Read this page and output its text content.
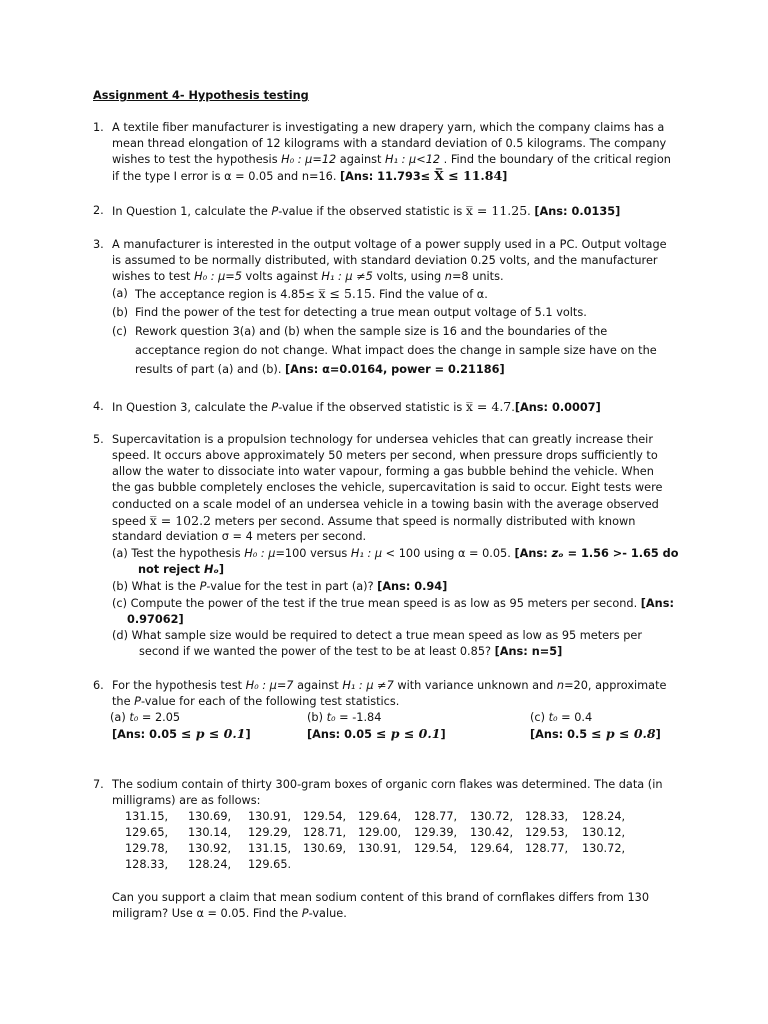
Assignment 4- Hypothesis testing
1. A textile fiber manufacturer is investigating a new drapery yarn, which the company claims has a
mean thread elongation of 12 kilograms with a standard deviation of 0.5 kilograms. The company
wishes to test the hypothesis H₀ : μ=12 against H₁ : μ<12 . Find the boundary of the critical region
if the type I error is α = 0.05 and n=16. [Ans: 11.793≤ X̅ ≤ 11.84]
2. In Question 1, calculate the P-value if the observed statistic is x̅ = 11.25. [Ans: 0.0135]
3. A manufacturer is interested in the output voltage of a power supply used in a PC. Output voltage
is assumed to be normally distributed, with standard deviation 0.25 volts, and the manufacturer
wishes to test H₀ : μ=5 volts against H₁ : μ ≠5 volts, using n=8 units.
(a) The acceptance region is 4.85≤ x̅ ≤ 5.15. Find the value of α.
(b) Find the power of the test for detecting a true mean output voltage of 5.1 volts.
(c) Rework question 3(a) and (b) when the sample size is 16 and the boundaries of the
acceptance region do not change. What impact does the change in sample size have on the
results of part (a) and (b). [Ans: α=0.0164, power = 0.21186]
4. In Question 3, calculate the P-value if the observed statistic is x̅ = 4.7.[Ans: 0.0007]
5. Supercavitation is a propulsion technology for undersea vehicles that can greatly increase their
speed. It occurs above approximately 50 meters per second, when pressure drops sufficiently to
allow the water to dissociate into water vapour, forming a gas bubble behind the vehicle. When
the gas bubble completely encloses the vehicle, supercavitation is said to occur. Eight tests were
conducted on a scale model of an undersea vehicle in a towing basin with the average observed
speed x̅ = 102.2 meters per second. Assume that speed is normally distributed with known
standard deviation σ = 4 meters per second.
(a) Test the hypothesis H₀ : μ=100 versus H₁ : μ < 100 using α = 0.05. [Ans: zₒ = 1.56 >- 1.65 do
not reject Hₒ]
(b) What is the P-value for the test in part (a)? [Ans: 0.94]
(c) Compute the power of the test if the true mean speed is as low as 95 meters per second. [Ans:
0.97062]
(d) What sample size would be required to detect a true mean speed as low as 95 meters per
second if we wanted the power of the test to be at least 0.85? [Ans: n=5]
6. For the hypothesis test H₀ : μ=7 against H₁ : μ ≠7 with variance unknown and n=20, approximate
the P-value for each of the following test statistics.
(a) t₀ = 2.05	(b) t₀ = -1.84	(c) t₀ = 0.4
[Ans: 0.05 ≤ p ≤ 0.1]	[Ans: 0.05 ≤ p ≤ 0.1]	[Ans: 0.5 ≤ p ≤ 0.8]
7. The sodium contain of thirty 300-gram boxes of organic corn flakes was determined. The data (in
milligrams) are as follows:
131.15, 130.69, 130.91, 129.54, 129.64, 128.77, 130.72, 128.33, 128.24,
129.65, 130.14, 129.29, 128.71, 129.00, 129.39, 130.42, 129.53, 130.12,
129.78, 130.92, 131.15, 130.69, 130.91, 129.54, 129.64, 128.77, 130.72,
128.33, 128.24, 129.65.
Can you support a claim that mean sodium content of this brand of cornflakes differs from 130
miligram? Use α = 0.05. Find the P-value.
